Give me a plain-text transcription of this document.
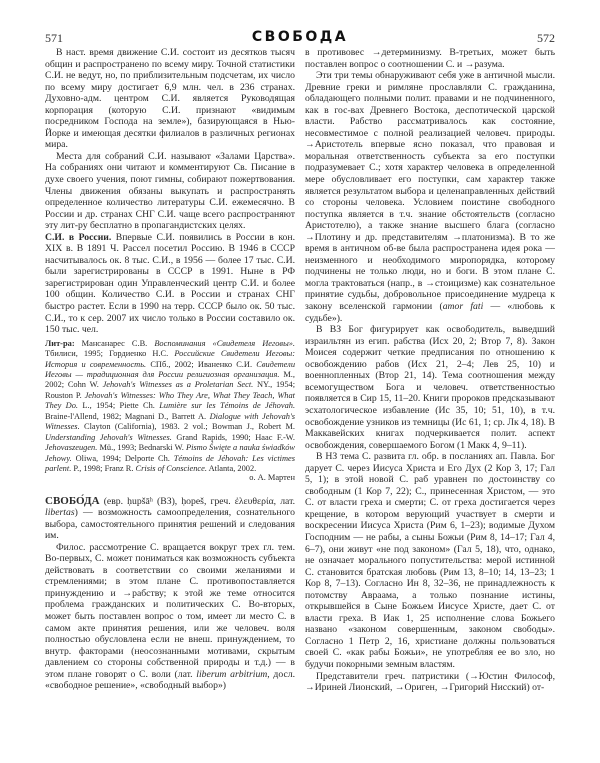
571	СВОБОДА	572

В наст. время движение С.И. состоит из десятков тысяч общин и распространено по всему миру. Точной статистики С.И. не ведут, но, по приблизительным подсчетам, их число по всему миру достигает 6,9 млн. чел. в 236 странах. Духовно-адм. центром С.И. является Руководящая корпорация (которую С.И. признают «видимым посредником Господа на земле»), базирующаяся в Нью-Йорке и имеющая десятки филиалов в различных регионах мира.

Места для собраний С.И. называют «Залами Царства». На собраниях они читают и комментируют Св. Писание в духе своего учения, поют гимны, собирают пожертвования. Члены движения обязаны выкупать и распространять определенное количество литературы С.И. ежемесячно. В России и др. странах СНГ С.И. чаще всего распространяют эту лит-ру бесплатно в пропагандистских целях.

С.И. в России. Впервые С.И. появились в России в кон. XIX в. В 1891 Ч. Рассел посетил Россию. В 1946 в СССР насчитывалось ок. 8 тыс. С.И., в 1956 — более 17 тыс. С.И. были зарегистрированы в СССР в 1991. Ныне в РФ зарегистрирован один Управленческий центр С.И. и более 100 общин. Количество С.И. в России и странах СНГ быстро растет. Если в 1990 на терр. СССР было ок. 50 тыс. С.И., то к сер. 2007 их число только в России составило ок. 150 тыс. чел.

Лит-ра: Мансанарес С.В. Воспоминания «Свидетеля Иеговы». Тбилиси, 1995; Гордиенко Н.С. Российские Свидетели Иеговы: История и современность. СПб., 2002; Иваненко С.И. Свидетели Иеговы — традиционная для России религиозная организация. М., 2002; Cohn W. Jehovah's Witnesses as a Proletarian Sect. NY., 1954; Rouston P. Jehovah's Witnesses: Who They Are, What They Teach, What They Do. L., 1954; Piette Ch. Lumière sur les Témoins de Jéhovah. Braine-l'Allend, 1982; Magnani D., Barrett A. Dialogue with Jehovah's Witnesses. Clayton (California), 1983. 2 vol.; Bowman J., Robert M. Understanding Jehovah's Witnesses. Grand Rapids, 1990; Haac F.-W. Jehovaszeugen. Mü., 1993; Bednarski W. Pismo Święte a nauka świadków Jehowy. Oliwa, 1994; Delporte Ch. Témoins de Jéhovah: Les victimes parlent. P., 1998; Franz R. Crisis of Conscience. Atlanta, 2002.

о. А. Мартен

СВОБО́ДА (евр. ḥupšāʰ (ВЗ), ḥopeš, греч. ἐλευθερία, лат. libertas) — возможность самоопределения, сознательного выбора, самостоятельного принятия решений и следования им.

Филос. рассмотрение С. вращается вокруг трех гл. тем. Во-первых, С. может пониматься как возможность субъекта действовать в соответствии со своими желаниями и стремлениями; в этом плане С. противопоставляется принуждению и →рабству; к этой же теме относится проблема гражданских и политических С. Во-вторых, может быть поставлен вопрос о том, имеет ли место С. в самом акте принятия решения, или же человеч. воля полностью обусловлена если не внеш. принуждением, то внутр. факторами (неосознанными мотивами, скрытым давлением со стороны собственной природы и т.д.) — в этом плане говорят о С. воли (лат. liberum arbitrium, досл. «свободное решение», «свободный выбор»)

в противовес →детерминизму. В-третьих, может быть поставлен вопрос о соотношении С. и →разума.

Эти три темы обнаруживают себя уже в античной мысли. Древние греки и римляне прославляли С. гражданина, обладающего полными полит. правами и не подчиненного, как в гос-вах Древнего Востока, деспотической царской власти. Рабство рассматривалось как состояние, несовместимое с полной реализацией человеч. природы. →Аристотель впервые ясно показал, что правовая и моральная ответственность субъекта за его поступки подразумевает С.; хотя характер человека в определенной мере обусловливает его поступки, сам характер также является результатом выбора и целенаправленных действий со стороны человека. Условием поистине свободного поступка является в т.ч. знание обстоятельств (согласно Аристотелю), а также знание высшего блага (согласно →Плотину и др. представителям →платонизма). В то же время в античном об-ве была распространена идея рока — неизменного и необходимого миропорядка, которому подчинены не только люди, но и боги. В этом плане С. могла трактоваться (напр., в →стоицизме) как сознательное принятие судьбы, добровольное присоединение мудреца к закону вселенской гармонии (amor fati — «любовь к судьбе»).

В ВЗ Бог фигурирует как освободитель, выведший израильтян из егип. рабства (Исх 20, 2; Втор 7, 8). Закон Моисея содержит четкие предписания по отношению к освобождению рабов (Исх 21, 2–4; Лев 25, 10) и военнопленных (Втор 21, 14). Тема соотношения между всемогуществом Бога и человеч. ответственностью появляется в Сир 15, 11–20. Книги пророков предсказывают эсхатологическое избавление (Ис 35, 10; 51, 10), в т.ч. освобождение узников из темницы (Ис 61, 1; ср. Лк 4, 18). В Маккавейских книгах подчеркивается полит. аспект освобождения, совершаемого Богом (1 Макк 4, 9–11).

В НЗ тема С. развита гл. обр. в посланиях ап. Павла. Бог дарует С. через Иисуса Христа и Его Дух (2 Кор 3, 17; Гал 5, 1); в этой новой С. раб уравнен по достоинству со свободным (1 Кор 7, 22); С., принесенная Христом, — это С. от власти греха и смерти; С. от греха достигается через крещение, в котором верующий участвует в смерти и воскресении Иисуса Христа (Рим 6, 1–23); водимые Духом Господним — не рабы, а сыны Божьи (Рим 8, 14–17; Гал 4, 6–7), они живут «не под законом» (Гал 5, 18), что, однако, не означает морального попустительства: мерой истинной С. становится братская любовь (Рим 13, 8–10; 14, 13–23; 1 Кор 8, 7–13). Согласно Ин 8, 32–36, не принадлежность к потомству Авраама, а только познание истины, открывшейся в Сыне Божьем Иисусе Христе, дает С. от власти греха. В Иак 1, 25 исполнение слова Божьего названо «законом совершенным, законом свободы». Согласно 1 Петр 2, 16, христиане должны пользоваться своей С. «как рабы Божьи», не употребляя ее во зло, но будучи покорными земным властям.

Представители греч. патристики (→Юстин Философ, →Ириней Лионский, →Ориген, →Григорий Нисский) от-
